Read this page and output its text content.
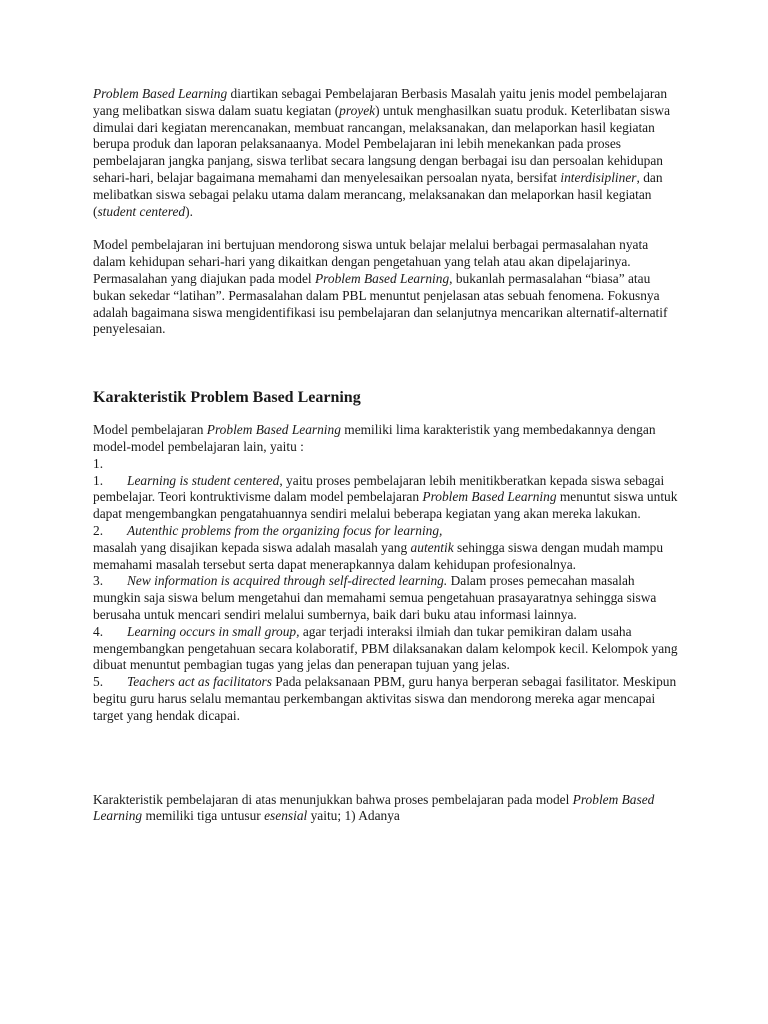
Problem Based Learning diartikan sebagai Pembelajaran Berbasis Masalah yaitu jenis model pembelajaran yang melibatkan siswa dalam suatu kegiatan (proyek) untuk menghasilkan suatu produk. Keterlibatan siswa dimulai dari kegiatan merencanakan, membuat rancangan, melaksanakan, dan melaporkan hasil kegiatan berupa produk dan laporan pelaksanaanya. Model Pembelajaran ini lebih menekankan pada proses pembelajaran jangka panjang, siswa terlibat secara langsung dengan berbagai isu dan persoalan kehidupan sehari-hari, belajar bagaimana memahami dan menyelesaikan persoalan nyata, bersifat interdisipliner, dan melibatkan siswa sebagai pelaku utama dalam merancang, melaksanakan dan melaporkan hasil kegiatan (student centered).

Model pembelajaran ini bertujuan mendorong siswa untuk belajar melalui berbagai permasalahan nyata dalam kehidupan sehari-hari yang dikaitkan dengan pengetahuan yang telah atau akan dipelajarinya. Permasalahan yang diajukan pada model Problem Based Learning, bukanlah permasalahan “biasa” atau bukan sekedar “latihan”. Permasalahan dalam PBL menuntut penjelasan atas sebuah fenomena. Fokusnya adalah bagaimana siswa mengidentifikasi isu pembelajaran dan selanjutnya mencarikan alternatif-alternatif penyelesaian.

Karakteristik Problem Based Learning

Model pembelajaran Problem Based Learning memiliki lima karakteristik yang membedakannya dengan model-model pembelajaran lain, yaitu :

1.

1. Learning is student centered, yaitu proses pembelajaran lebih menitikberatkan kepada siswa sebagai pembelajar. Teori kontruktivisme dalam model pembelajaran Problem Based Learning menuntut siswa untuk dapat mengembangkan pengatahuannya sendiri melalui beberapa kegiatan yang akan mereka lakukan.

2. Autenthic problems from the organizing focus for learning,
masalah yang disajikan kepada siswa adalah masalah yang autentik sehingga siswa dengan mudah mampu memahami masalah tersebut serta dapat menerapkannya dalam kehidupan profesionalnya.

3. New information is acquired through self-directed learning. Dalam proses pemecahan masalah mungkin saja siswa belum mengetahui dan memahami semua pengetahuan prasayaratnya sehingga siswa berusaha untuk mencari sendiri melalui sumbernya, baik dari buku atau informasi lainnya.

4. Learning occurs in small group, agar terjadi interaksi ilmiah dan tukar pemikiran dalam usaha mengembangkan pengetahuan secara kolaboratif, PBM dilaksanakan dalam kelompok kecil. Kelompok yang dibuat menuntut pembagian tugas yang jelas dan penerapan tujuan yang jelas.

5. Teachers act as facilitators Pada pelaksanaan PBM, guru hanya berperan sebagai fasilitator. Meskipun begitu guru harus selalu memantau perkembangan aktivitas siswa dan mendorong mereka agar mencapai target yang hendak dicapai.

Karakteristik pembelajaran di atas menunjukkan bahwa proses pembelajaran pada model Problem Based Learning memiliki tiga untusur esensial yaitu; 1) Adanya
